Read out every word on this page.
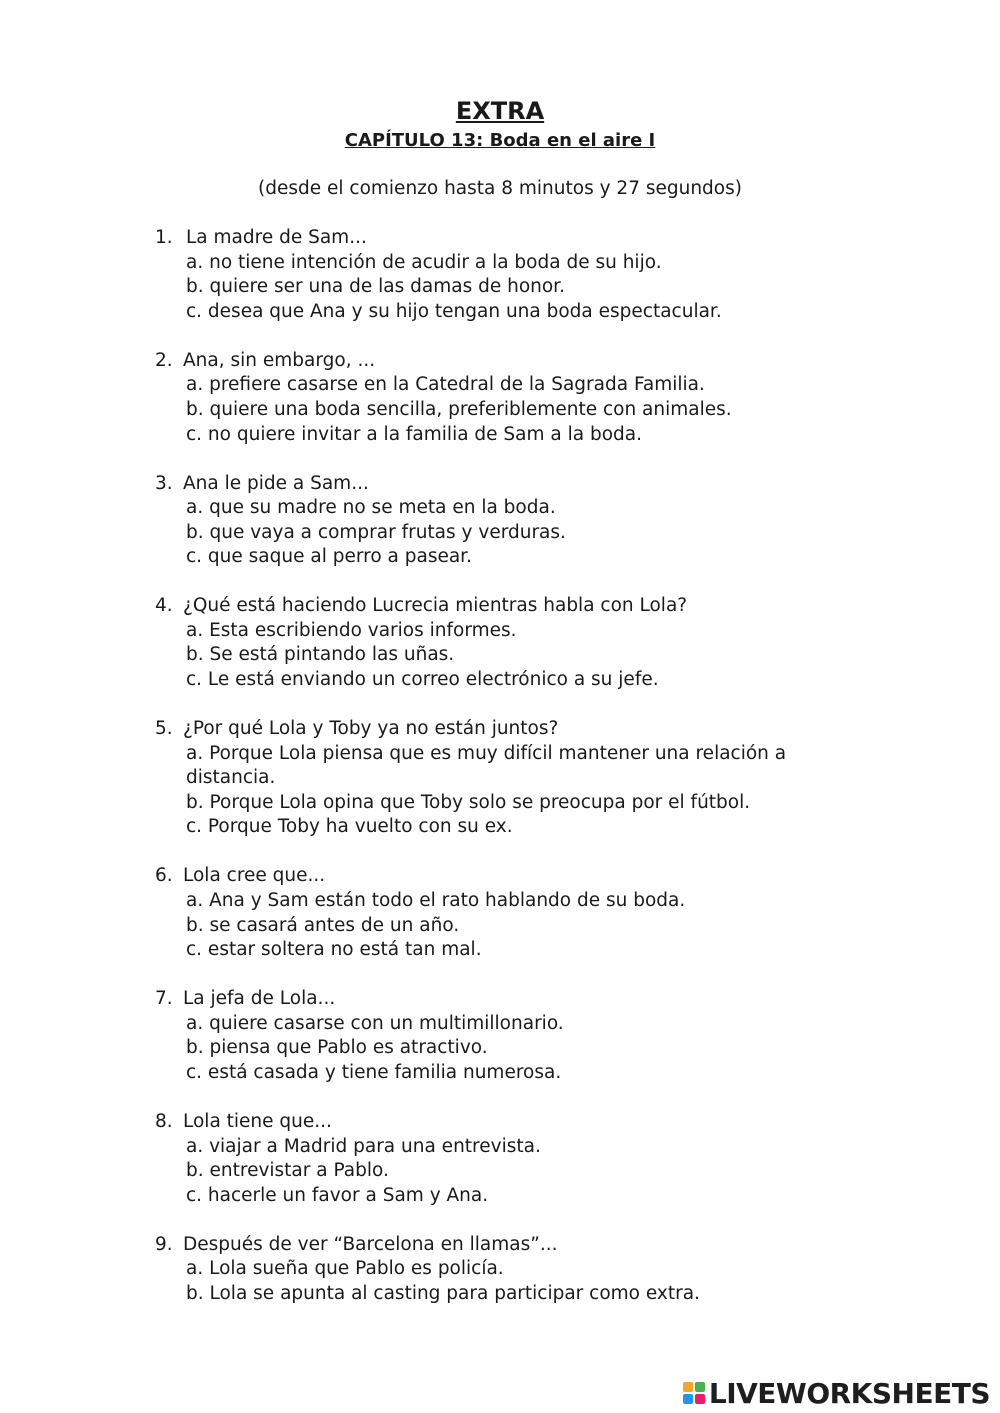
EXTRA
CAPÍTULO 13: Boda en el aire I
(desde el comienzo hasta 8 minutos y 27 segundos)
1. La madre de Sam...
a. no tiene intención de acudir a la boda de su hijo.
b. quiere ser una de las damas de honor.
c. desea que Ana y su hijo tengan una boda espectacular.
2. Ana, sin embargo, ...
a. prefiere casarse en la Catedral de la Sagrada Familia.
b. quiere una boda sencilla, preferiblemente con animales.
c. no quiere invitar a la familia de Sam a la boda.
3. Ana le pide a Sam...
a. que su madre no se meta en la boda.
b. que vaya a comprar frutas y verduras.
c. que saque al perro a pasear.
4. ¿Qué está haciendo Lucrecia mientras habla con Lola?
a. Esta escribiendo varios informes.
b. Se está pintando las uñas.
c. Le está enviando un correo electrónico a su jefe.
5. ¿Por qué Lola y Toby ya no están juntos?
a. Porque Lola piensa que es muy difícil mantener una relación a distancia.
b. Porque Lola opina que Toby solo se preocupa por el fútbol.
c. Porque Toby ha vuelto con su ex.
6. Lola cree que...
a. Ana y Sam están todo el rato hablando de su boda.
b. se casará antes de un año.
c. estar soltera no está tan mal.
7. La jefa de Lola...
a. quiere casarse con un multimillonario.
b. piensa que Pablo es atractivo.
c. está casada y tiene familia numerosa.
8. Lola tiene que...
a. viajar a Madrid para una entrevista.
b. entrevistar a Pablo.
c. hacerle un favor a Sam y Ana.
9. Después de ver “Barcelona en llamas”...
a. Lola sueña que Pablo es policía.
b. Lola se apunta al casting para participar como extra.
LIVEWORKSHEETS
